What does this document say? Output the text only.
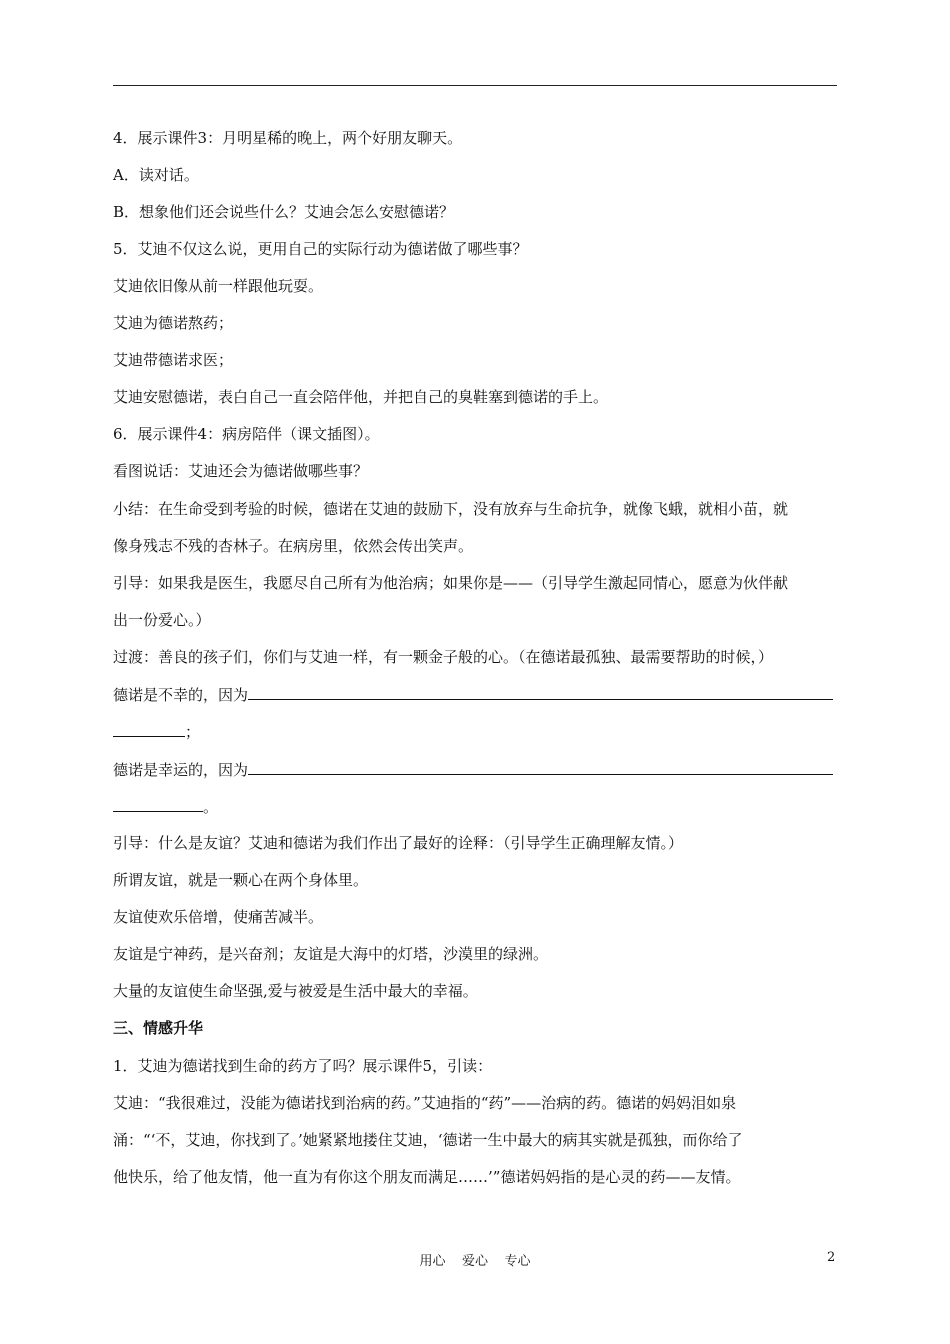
4．展示课件3：月明星稀的晚上，两个好朋友聊天。
A．读对话。
B．想象他们还会说些什么？艾迪会怎么安慰德诺？
5．艾迪不仅这么说，更用自己的实际行动为德诺做了哪些事？
艾迪依旧像从前一样跟他玩耍。
艾迪为德诺熬药；
艾迪带德诺求医；
艾迪安慰德诺，表白自己一直会陪伴他，并把自己的臭鞋塞到德诺的手上。
6．展示课件4：病房陪伴（课文插图）。
看图说话：艾迪还会为德诺做哪些事？
小结：在生命受到考验的时候，德诺在艾迪的鼓励下，没有放弃与生命抗争，就像飞蛾，就相小苗，就
像身残志不残的杏林子。在病房里，依然会传出笑声。
引导：如果我是医生，我愿尽自己所有为他治病；如果你是——（引导学生激起同情心，愿意为伙伴献
出一份爱心。）
过渡：善良的孩子们，你们与艾迪一样，有一颗金子般的心。（在德诺最孤独、最需要帮助的时候，）
德诺是不幸的，因为
；
德诺是幸运的，因为
。
引导：什么是友谊？艾迪和德诺为我们作出了最好的诠释：（引导学生正确理解友情。）
所谓友谊，就是一颗心在两个身体里。
友谊使欢乐倍增，使痛苦减半。
友谊是宁神药，是兴奋剂；友谊是大海中的灯塔，沙漠里的绿洲。
大量的友谊使生命坚强,爱与被爱是生活中最大的幸福。
三、情感升华
1．艾迪为德诺找到生命的药方了吗？展示课件5，引读：
艾迪：“我很难过，没能为德诺找到治病的药。”艾迪指的“药”——治病的药。德诺的妈妈泪如泉
涌：“‘不，艾迪，你找到了。’她紧紧地搂住艾迪，‘德诺一生中最大的病其实就是孤独，而你给了
他快乐，给了他友情，他一直为有你这个朋友而满足……’”德诺妈妈指的是心灵的药——友情。
用心    爱心    专心	2
